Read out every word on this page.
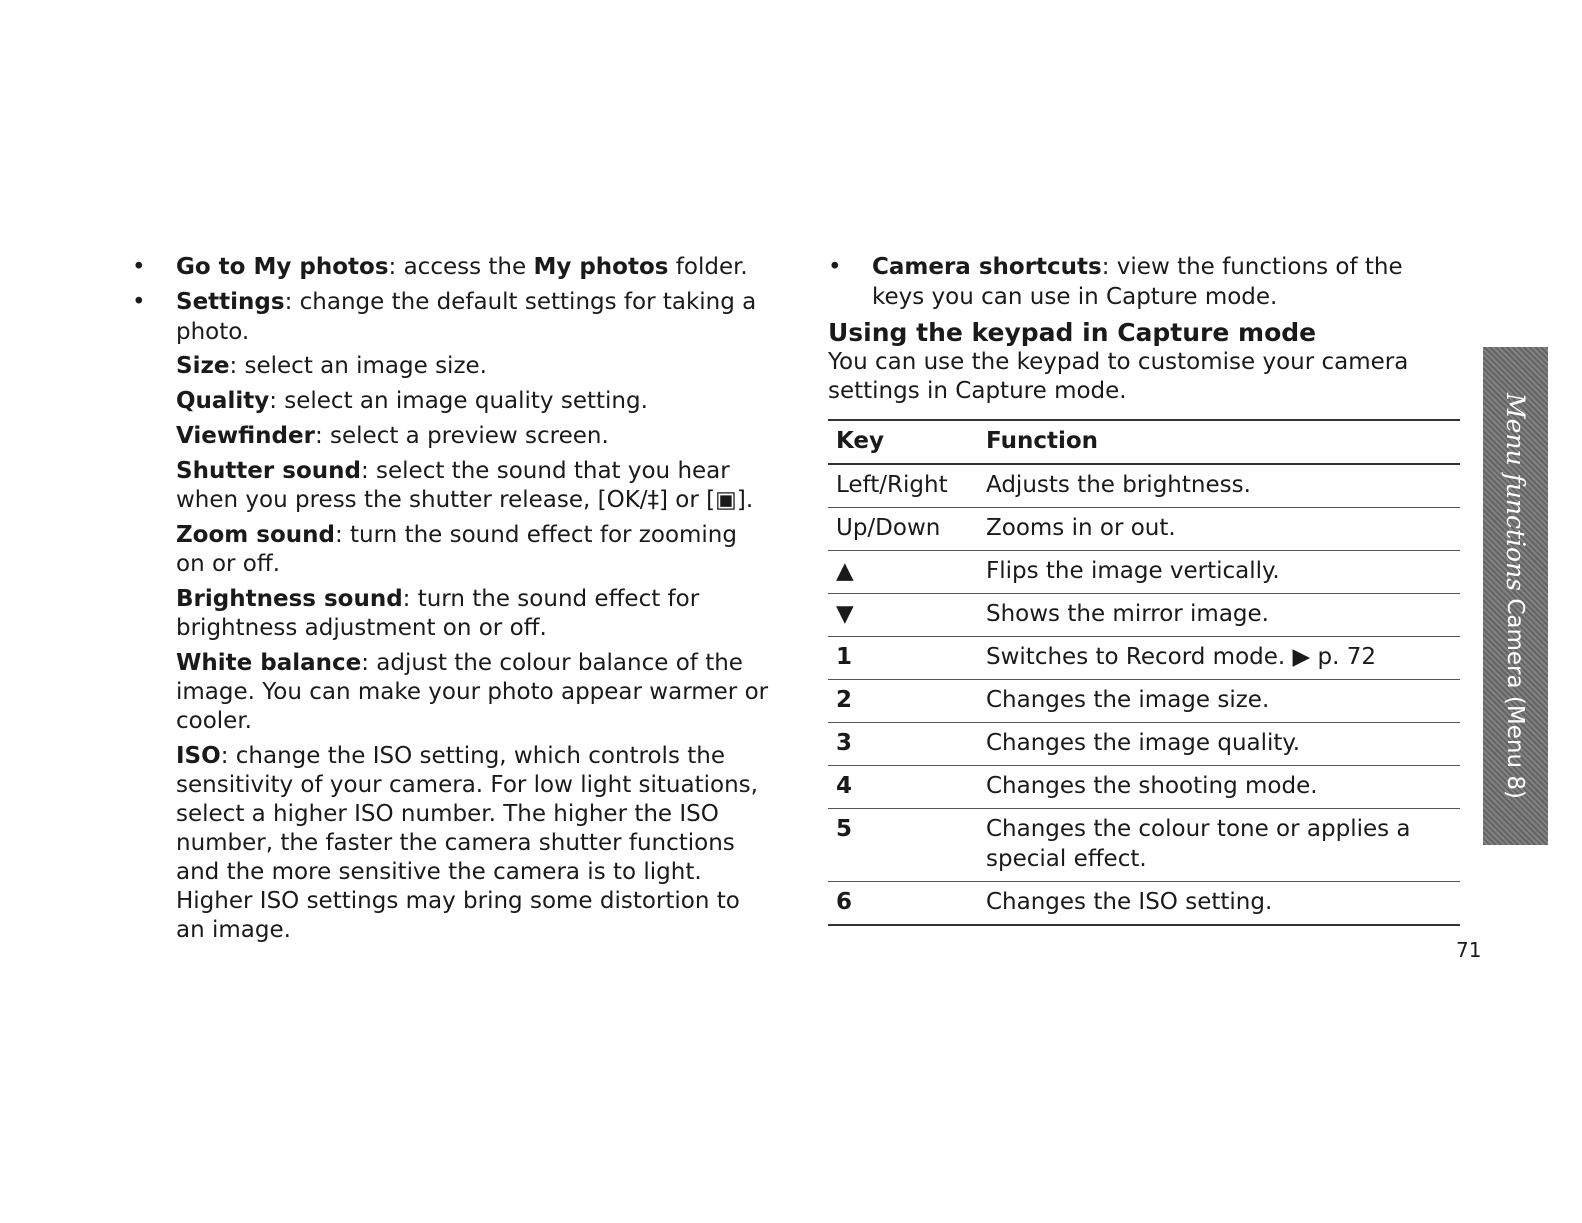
• Go to My photos: access the My photos folder.

• Settings: change the default settings for taking a photo.

Size: select an image size.

Quality: select an image quality setting.

Viewfinder: select a preview screen.

Shutter sound: select the sound that you hear when you press the shutter release, [OK/‡] or [▣].

Zoom sound: turn the sound effect for zooming on or off.

Brightness sound: turn the sound effect for brightness adjustment on or off.

White balance: adjust the colour balance of the image. You can make your photo appear warmer or cooler.

ISO: change the ISO setting, which controls the sensitivity of your camera. For low light situations, select a higher ISO number. The higher the ISO number, the faster the camera shutter functions and the more sensitive the camera is to light. Higher ISO settings may bring some distortion to an image.

• Camera shortcuts: view the functions of the keys you can use in Capture mode.

Using the keypad in Capture mode

You can use the keypad to customise your camera settings in Capture mode.

Key	Function
Left/Right	Adjusts the brightness.
Up/Down	Zooms in or out.
▲	Flips the image vertically.
▼	Shows the mirror image.
1	Switches to Record mode. ▶ p. 72
2	Changes the image size.
3	Changes the image quality.
4	Changes the shooting mode.
5	Changes the colour tone or applies a special effect.
6	Changes the ISO setting.
Menu functions Camera (Menu 8)
71
